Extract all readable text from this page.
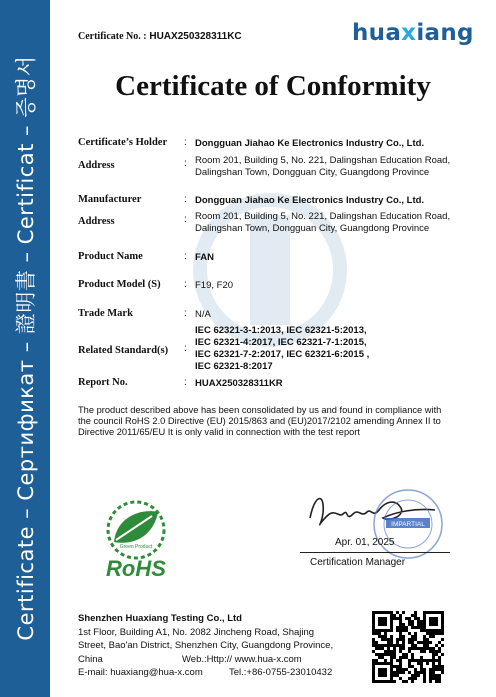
Certificate – Сертификат – 證明書 – Certificat – 증명서
Certificate No. : HUAX250328311KC	huaxiang
Certificate of Conformity
Certificate’s Holder : Dongguan Jiahao Ke Electronics Industry Co., Ltd.
Address	: Room 201, Building 5, No. 221, Dalingshan Education Road,
Dalingshan Town, Dongguan City, Guangdong Province
Manufacturer	: Dongguan Jiahao Ke Electronics Industry Co., Ltd.
Address	: Room 201, Building 5, No. 221, Dalingshan Education Road,
Dalingshan Town, Dongguan City, Guangdong Province
Product Name	: FAN
Product Model (S) : F19, F20
Trade Mark	: N/A
Related Standard(s) :
IEC 62321-3-1:2013, IEC 62321-5:2013,
IEC 62321-4:2017, IEC 62321-7-1:2015,
IEC 62321-7-2:2017, IEC 62321-6:2015 ,
IEC 62321-8:2017
Report No.	: HUAX250328311KR
The product described above has been consolidated by us and found in compliance with
the council RoHS 2.0 Directive (EU) 2015/863 and (EU)2017/2102 amending Annex II to
Directive 2011/65/EU It is only valid in connection with the test report
Green Product
RoHS
IMPARTIAL
Apr. 01, 2025
Certification Manager
Shenzhen Huaxiang Testing Co., Ltd
1st Floor, Building A1, No. 2082 Jincheng Road, Shajing
Street, Bao'an District, Shenzhen City, Guangdong Province,
China                              Web.:Http:// www.hua-x.com
E-mail: huaxiang@hua-x.com          Tel.:+86-0755-23010432
